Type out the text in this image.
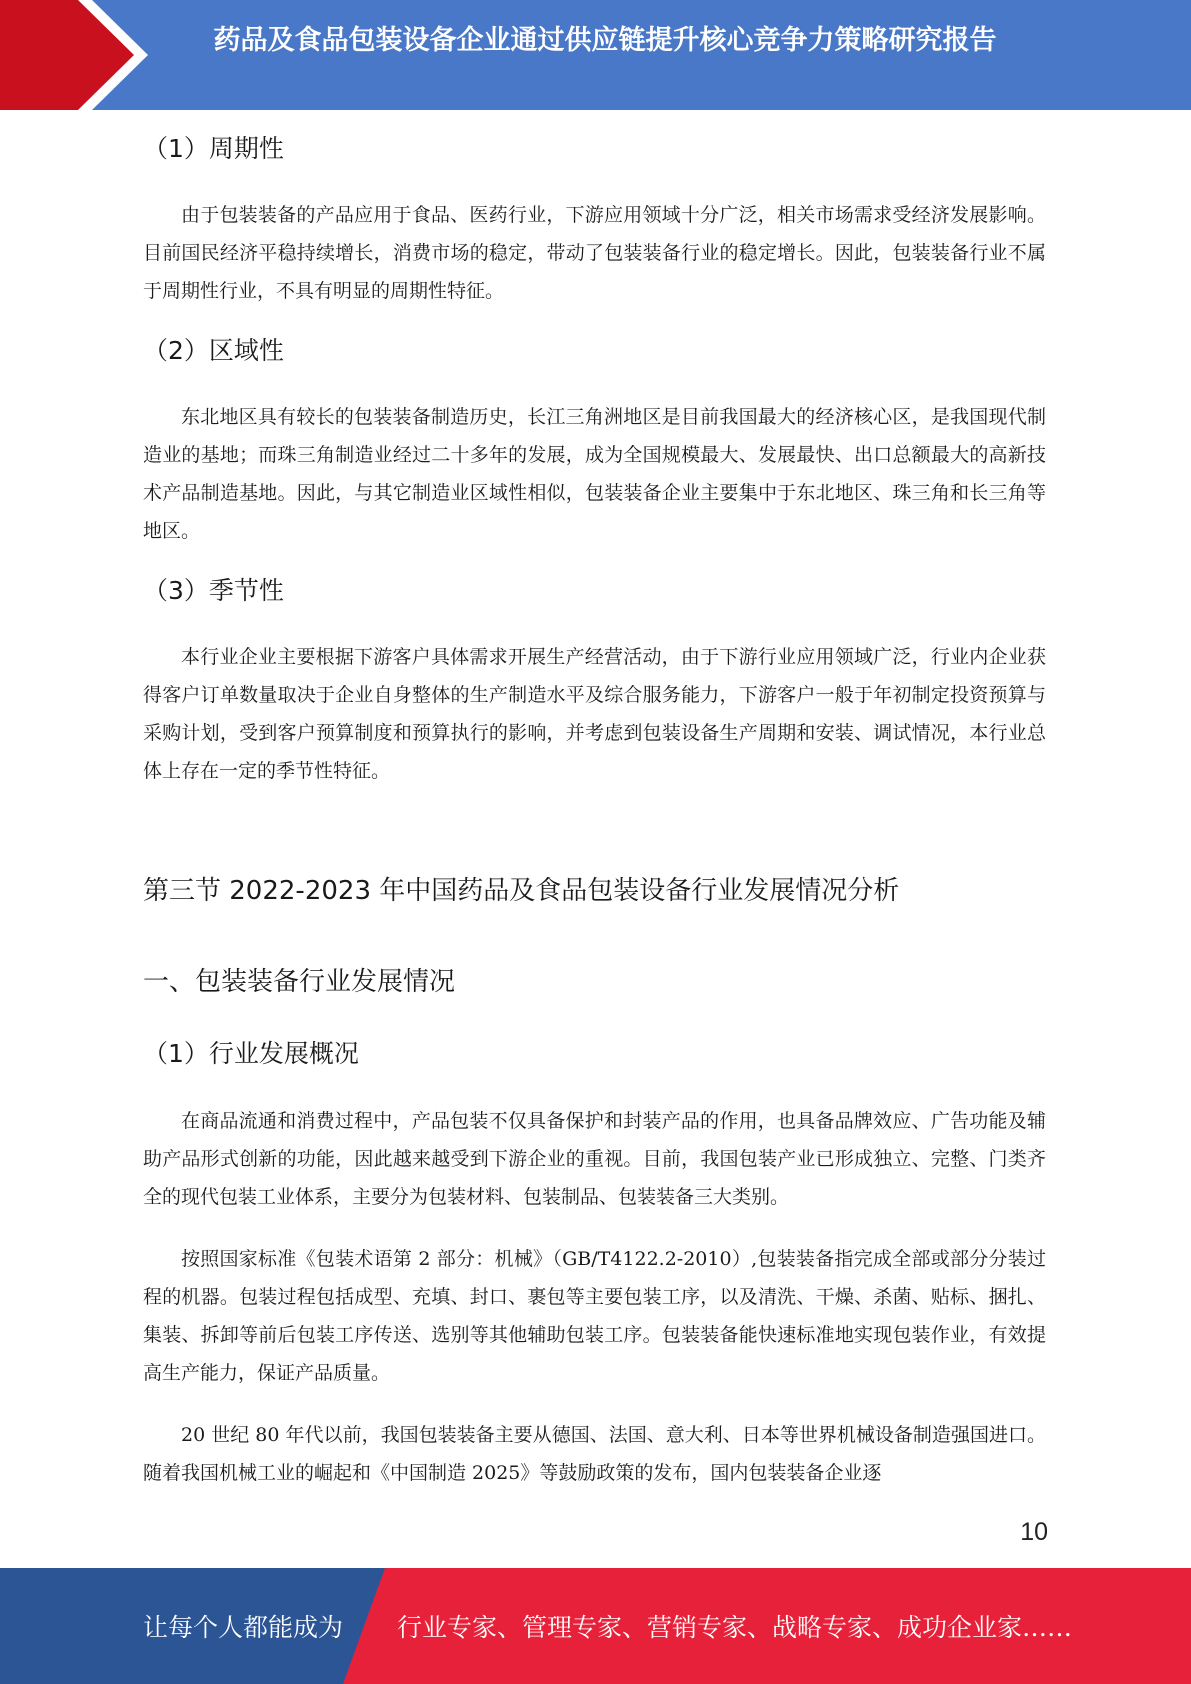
药品及食品包装设备企业通过供应链提升核心竞争力策略研究报告
（1）周期性
由于包装装备的产品应用于食品、医药行业，下游应用领域十分广泛，相关市场需求受经济发展影响。目前国民经济平稳持续增长，消费市场的稳定，带动了包装装备行业的稳定增长。因此，包装装备行业不属于周期性行业，不具有明显的周期性特征。
（2）区域性
东北地区具有较长的包装装备制造历史，长江三角洲地区是目前我国最大的经济核心区，是我国现代制造业的基地；而珠三角制造业经过二十多年的发展，成为全国规模最大、发展最快、出口总额最大的高新技术产品制造基地。因此，与其它制造业区域性相似，包装装备企业主要集中于东北地区、珠三角和长三角等地区。
（3）季节性
本行业企业主要根据下游客户具体需求开展生产经营活动，由于下游行业应用领域广泛，行业内企业获得客户订单数量取决于企业自身整体的生产制造水平及综合服务能力，下游客户一般于年初制定投资预算与采购计划，受到客户预算制度和预算执行的影响，并考虑到包装设备生产周期和安装、调试情况，本行业总体上存在一定的季节性特征。
第三节 2022-2023 年中国药品及食品包装设备行业发展情况分析
一、包装装备行业发展情况
（1）行业发展概况
在商品流通和消费过程中，产品包装不仅具备保护和封装产品的作用，也具备品牌效应、广告功能及辅助产品形式创新的功能，因此越来越受到下游企业的重视。目前，我国包装产业已形成独立、完整、门类齐全的现代包装工业体系，主要分为包装材料、包装制品、包装装备三大类别。
按照国家标准《包装术语第 2 部分：机械》（GB/T4122.2-2010）,包装装备指完成全部或部分分装过程的机器。包装过程包括成型、充填、封口、裹包等主要包装工序，以及清洗、干燥、杀菌、贴标、捆扎、集装、拆卸等前后包装工序传送、选别等其他辅助包装工序。包装装备能快速标准地实现包装作业，有效提高生产能力，保证产品质量。
20 世纪 80 年代以前，我国包装装备主要从德国、法国、意大利、日本等世界机械设备制造强国进口。随着我国机械工业的崛起和《中国制造 2025》等鼓励政策的发布，国内包装装备企业逐
10
让每个人都能成为 行业专家、管理专家、营销专家、战略专家、成功企业家……
